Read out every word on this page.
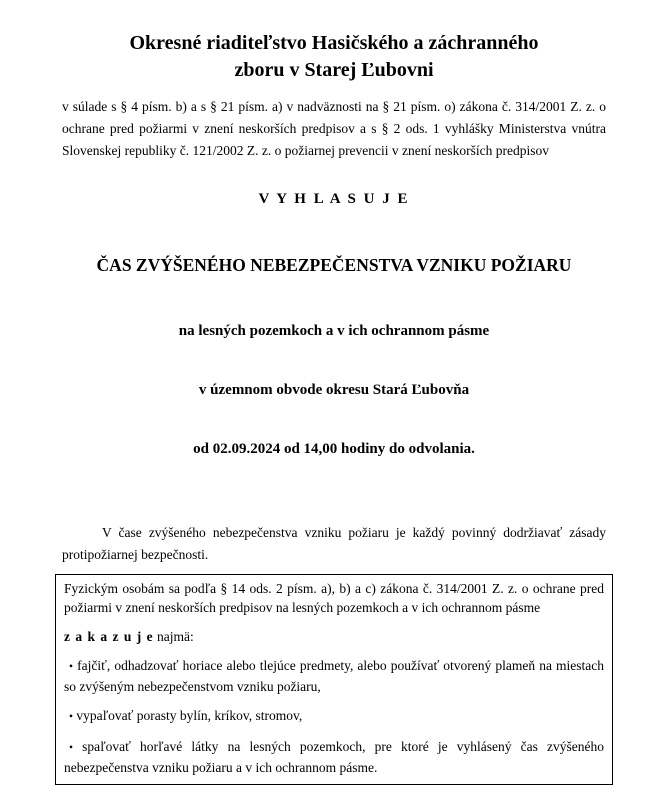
Okresné riaditeľstvo Hasičského a záchranného
zboru v Starej Ľubovni

v súlade s § 4 písm. b) a s § 21 písm. a) v nadväznosti na § 21 písm. o) zákona č. 314/2001 Z. z. o ochrane pred požiarmi v znení neskorších predpisov a s § 2 ods. 1 vyhlášky Ministerstva vnútra Slovenskej republiky č. 121/2002 Z. z. o požiarnej prevencii v znení neskorších predpisov

V Y H L A S U J E

ČAS ZVÝŠENÉHO NEBEZPEČENSTVA VZNIKU POŽIARU

na lesných pozemkoch a v ich ochrannom pásme

v územnom obvode okresu Stará Ľubovňa

od 02.09.2024 od 14,00 hodiny do odvolania.

V čase zvýšeného nebezpečenstva vzniku požiaru je každý povinný dodržiavať zásady protipožiarnej bezpečnosti.

Fyzickým osobám sa podľa § 14 ods. 2 písm. a), b) a c) zákona č. 314/2001 Z. z. o ochrane pred požiarmi v znení neskorších predpisov na lesných pozemkoch a v ich ochrannom pásme

z a k a z u j e najmä:

• fajčiť, odhadzovať horiace alebo tlejúce predmety, alebo používať otvorený plameň na miestach so zvýšeným nebezpečenstvom vzniku požiaru,

• vypaľovať porasty bylín, kríkov, stromov,

• spaľovať horľavé látky na lesných pozemkoch, pre ktoré je vyhlásený čas zvýšeného nebezpečenstva vzniku požiaru a v ich ochrannom pásme.
